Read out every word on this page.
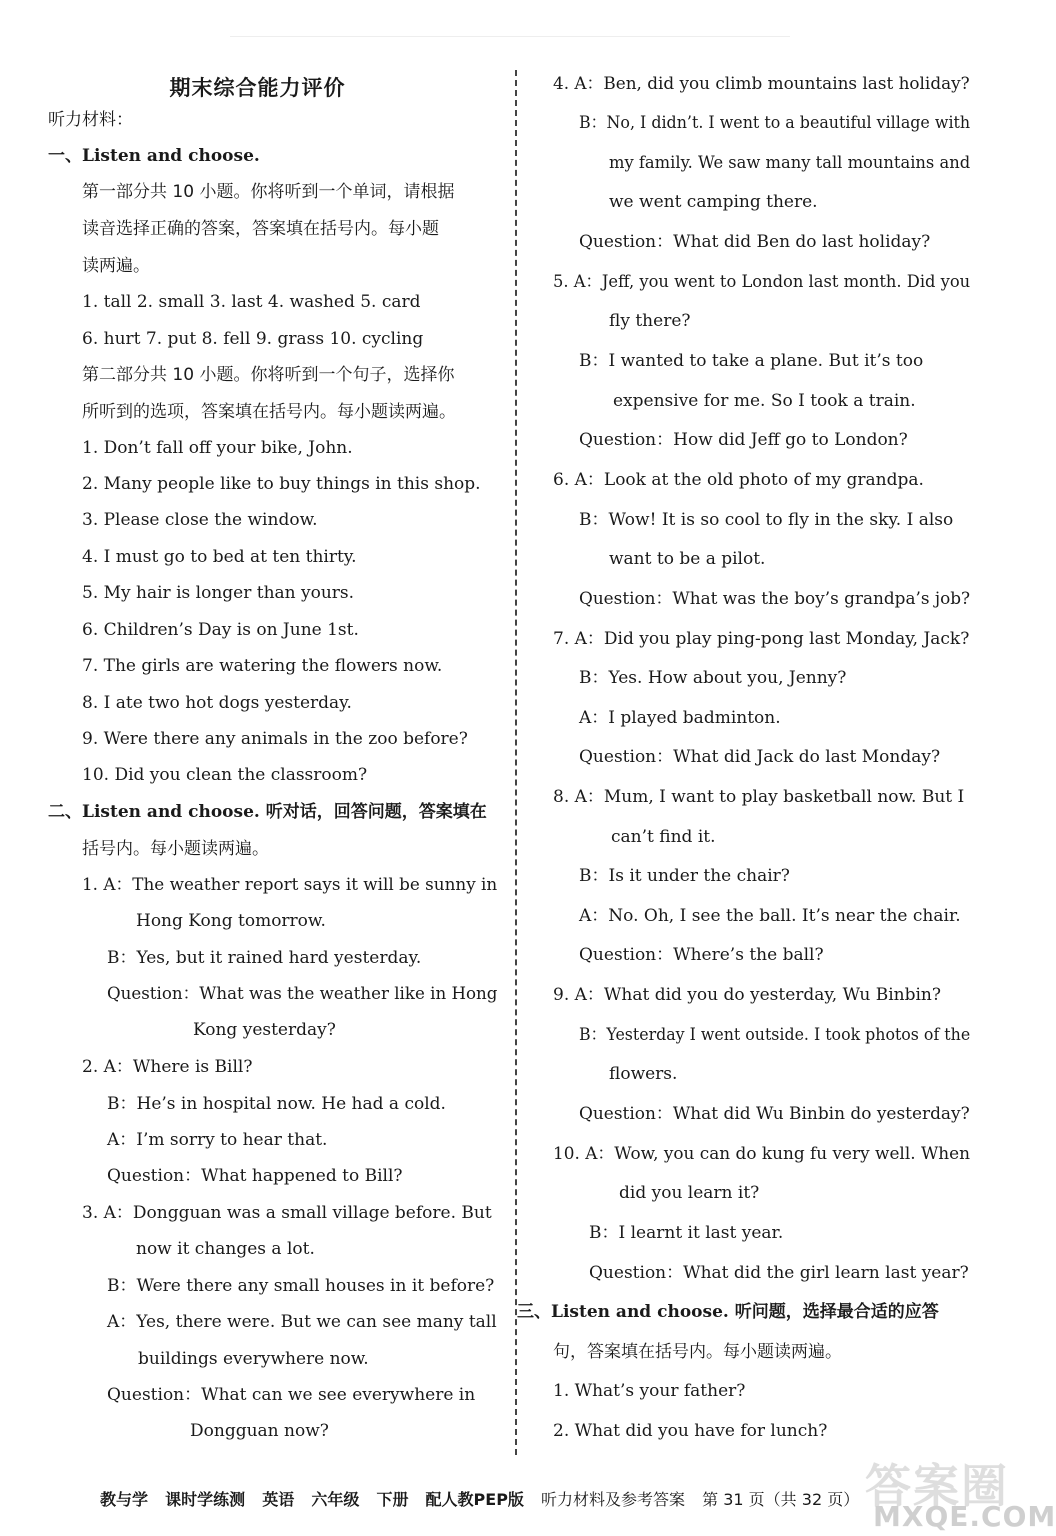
期末综合能力评价
听力材料：
一、Listen and choose.
第一部分共 10 小题。你将听到一个单词，请根据
读音选择正确的答案，答案填在括号内。每小题
读两遍。
1. tall 2. small 3. last 4. washed 5. card
6. hurt 7. put 8. fell 9. grass 10. cycling
第二部分共 10 小题。你将听到一个句子，选择你
所听到的选项，答案填在括号内。每小题读两遍。
1. Don’t fall off your bike, John.
2. Many people like to buy things in this shop.
3. Please close the window.
4. I must go to bed at ten thirty.
5. My hair is longer than yours.
6. Children’s Day is on June 1st.
7. The girls are watering the flowers now.
8. I ate two hot dogs yesterday.
9. Were there any animals in the zoo before?
10. Did you clean the classroom?
二、Listen and choose. 听对话，回答问题，答案填在
括号内。每小题读两遍。
1. A：The weather report says it will be sunny in
Hong Kong tomorrow.
B：Yes, but it rained hard yesterday.
Question：What was the weather like in Hong
Kong yesterday?
2. A：Where is Bill?
B：He’s in hospital now. He had a cold.
A：I’m sorry to hear that.
Question：What happened to Bill?
3. A：Dongguan was a small village before. But
now it changes a lot.
B：Were there any small houses in it before?
A：Yes, there were. But we can see many tall
buildings everywhere now.
Question：What can we see everywhere in
Dongguan now?
4. A：Ben, did you climb mountains last holiday?
B：No, I didn’t. I went to a beautiful village with
my family. We saw many tall mountains and
we went camping there.
Question：What did Ben do last holiday?
5. A：Jeff, you went to London last month. Did you
fly there?
B：I wanted to take a plane. But it’s too
expensive for me. So I took a train.
Question：How did Jeff go to London?
6. A：Look at the old photo of my grandpa.
B：Wow! It is so cool to fly in the sky. I also
want to be a pilot.
Question：What was the boy’s grandpa’s job?
7. A：Did you play ping-pong last Monday, Jack?
B：Yes. How about you, Jenny?
A：I played badminton.
Question：What did Jack do last Monday?
8. A：Mum, I want to play basketball now. But I
can’t find it.
B：Is it under the chair?
A：No. Oh, I see the ball. It’s near the chair.
Question：Where’s the ball?
9. A：What did you do yesterday, Wu Binbin?
B：Yesterday I went outside. I took photos of the
flowers.
Question：What did Wu Binbin do yesterday?
10. A：Wow, you can do kung fu very well. When
did you learn it?
B：I learnt it last year.
Question：What did the girl learn last year?
三、Listen and choose. 听问题，选择最合适的应答
句，答案填在括号内。每小题读两遍。
1. What’s your father?
2. What did you have for lunch?
教与学 课时学练测 英语 六年级 下册 配人教PEP版 听力材料及参考答案 第 31 页（共 32 页） 答案圈
MXQE.COM
